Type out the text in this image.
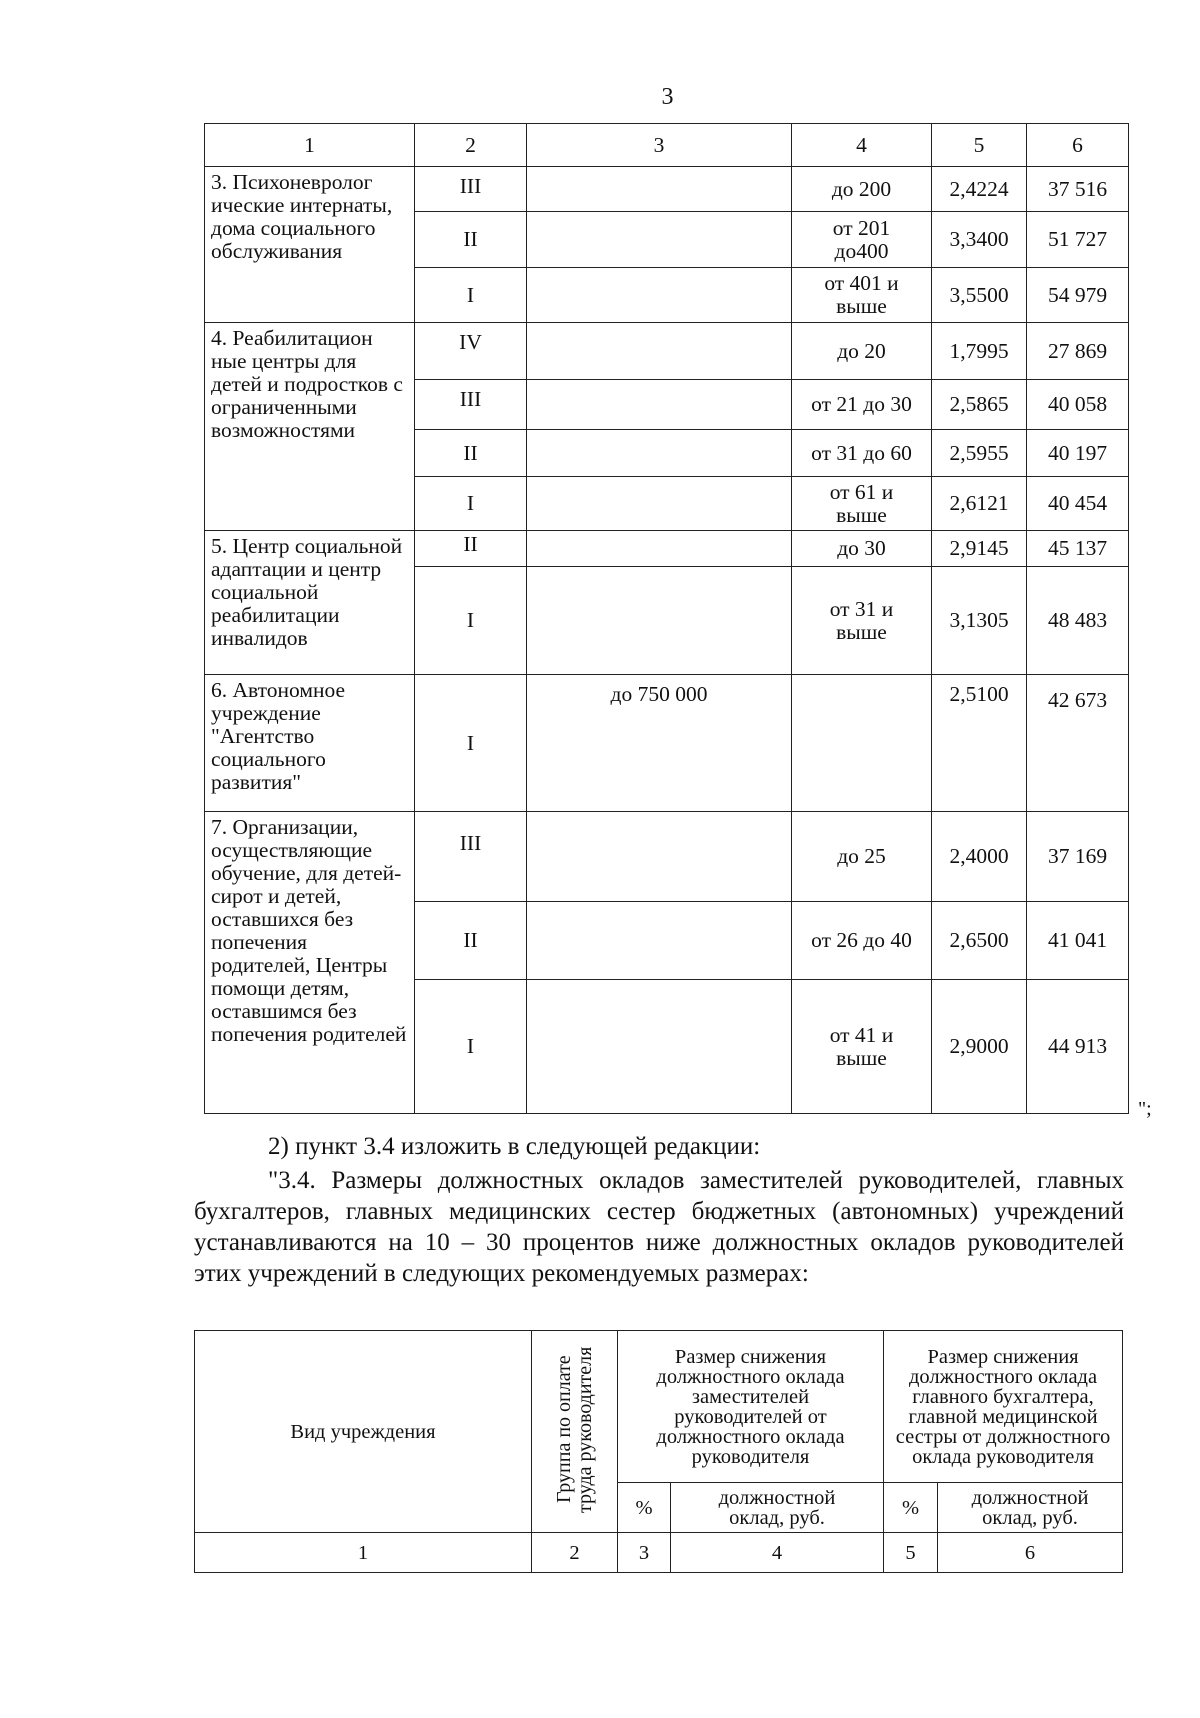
3
1	2	3	4	5	6
3. Психоневролог ические интернаты, дома социального обслуживания	III		до 200	2,4224	37 516
	II		от 201 до400	3,3400	51 727
	I		от 401 и выше	3,5500	54 979
4. Реабилитацион ные центры для детей и подростков с ограниченными возможностями	IV		до 20	1,7995	27 869
	III		от 21 до 30	2,5865	40 058
	II		от 31 до 60	2,5955	40 197
	I		от 61 и выше	2,6121	40 454
5. Центр социальной адаптации и центр социальной реабилитации инвалидов	II		до 30	2,9145	45 137
	I		от 31 и выше	3,1305	48 483
6. Автономное учреждение "Агентство социального развития"	I	до 750 000		2,5100	42 673
7. Организации, осуществляющие обучение, для детей-сирот и детей, оставшихся без попечения родителей, Центры помощи детям, оставшимся без попечения родителей	III		до 25	2,4000	37 169
	II		от 26 до 40	2,6500	41 041
	I		от 41 и выше	2,9000	44 913
";
2) пункт 3.4 изложить в следующей редакции:
"3.4. Размеры должностных окладов заместителей руководителей, главных бухгалтеров, главных медицинских сестер бюджетных (автономных) учреждений устанавливаются на 10 – 30 процентов ниже должностных окладов руководителей этих учреждений в следующих рекомендуемых размерах:
Вид учреждения	Группа по оплате труда руководителя	Размер снижения должностного оклада заместителей руководителей от должностного оклада руководителя		Размер снижения должностного оклада главного бухгалтера, главной медицинской сестры от должностного оклада руководителя	
		%	должностной оклад, руб.	%	должностной оклад, руб.
1	2	3	4	5	6
